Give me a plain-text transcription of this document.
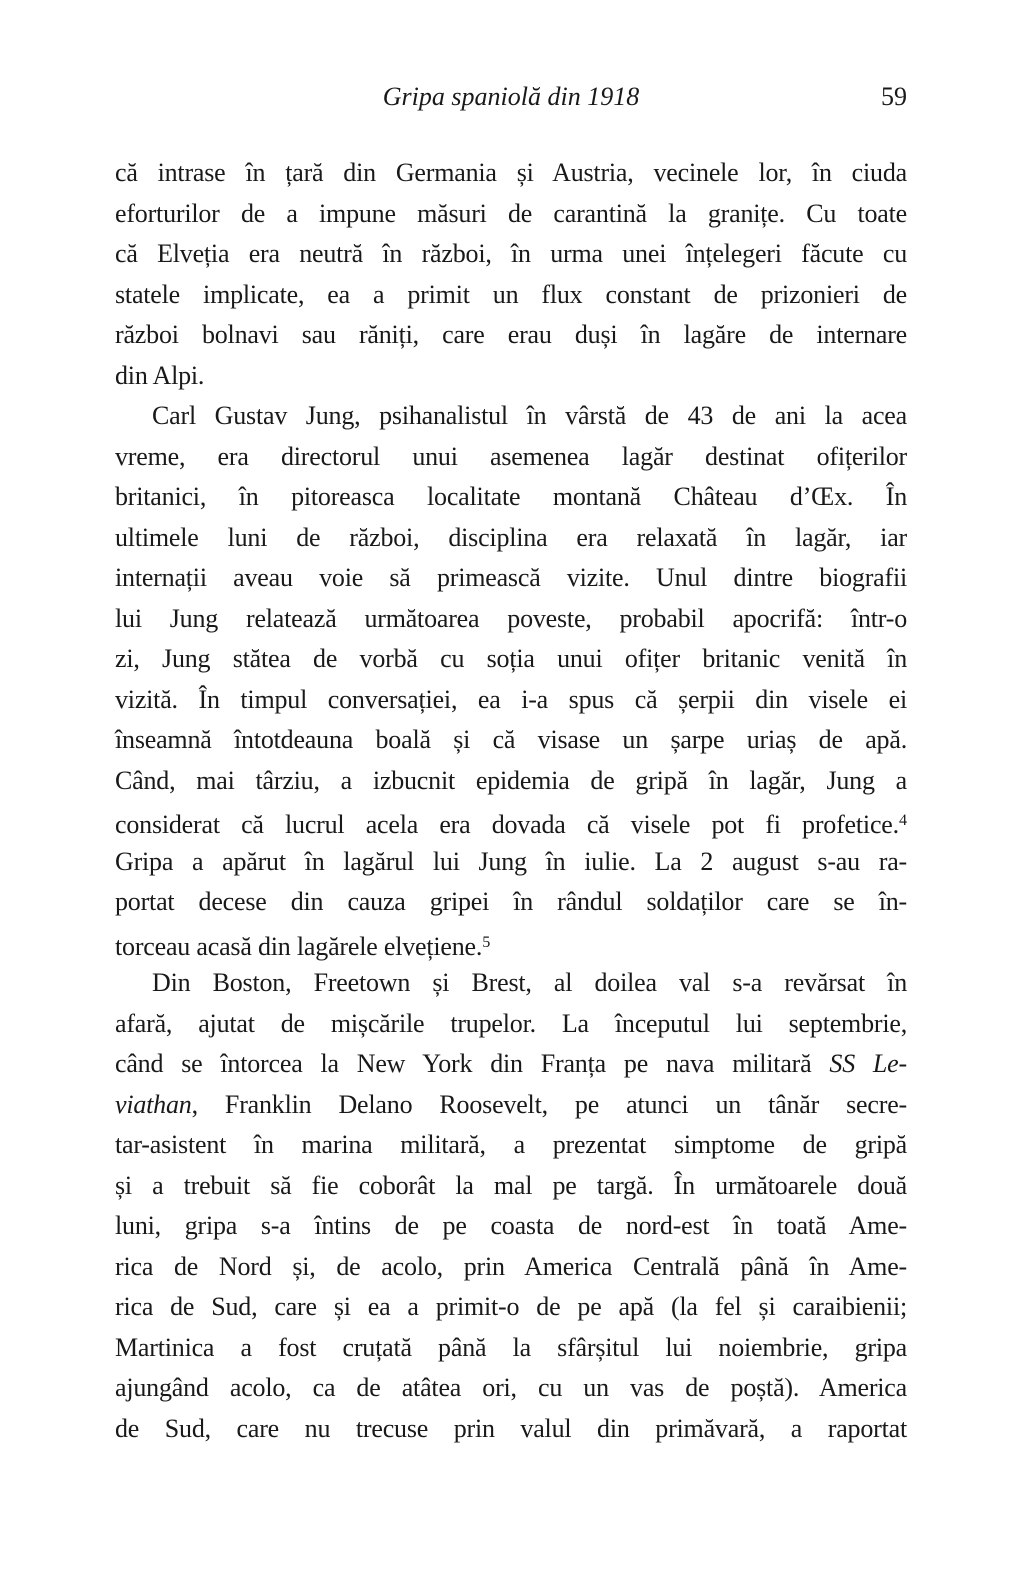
Gripa spaniolă din 1918	59
că intrase în țară din Germania și Austria, vecinele lor, în ciuda
eforturilor de a impune măsuri de carantină la granițe. Cu toate
că Elveția era neutră în război, în urma unei înțelegeri făcute cu
statele implicate, ea a primit un flux constant de prizonieri de
război bolnavi sau răniți, care erau duși în lagăre de internare
din Alpi.
Carl Gustav Jung, psihanalistul în vârstă de 43 de ani la acea
vreme, era directorul unui asemenea lagăr destinat ofițerilor
britanici, în pitoreasca localitate montană Château d’Œx. În
ultimele luni de război, disciplina era relaxată în lagăr, iar
internații aveau voie să primească vizite. Unul dintre biografii
lui Jung relatează următoarea poveste, probabil apocrifă: într-o
zi, Jung stătea de vorbă cu soția unui ofițer britanic venită în
vizită. În timpul conversației, ea i-a spus că șerpii din visele ei
înseamnă întotdeauna boală și că visase un șarpe uriaș de apă.
Când, mai târziu, a izbucnit epidemia de gripă în lagăr, Jung a
considerat că lucrul acela era dovada că visele pot fi profetice.$^4$
Gripa a apărut în lagărul lui Jung în iulie. La 2 august s-au ra-
portat decese din cauza gripei în rândul soldaților care se în-
torceau acasă din lagărele elvețiene.$^5$
Din Boston, Freetown și Brest, al doilea val s-a revărsat în
afară, ajutat de mișcările trupelor. La începutul lui septembrie,
când se întorcea la New York din Franța pe nava militară SS Le-
viathan, Franklin Delano Roosevelt, pe atunci un tânăr secre-
tar-asistent în marina militară, a prezentat simptome de gripă
și a trebuit să fie coborât la mal pe targă. În următoarele două
luni, gripa s-a întins de pe coasta de nord-est în toată Ame-
rica de Nord și, de acolo, prin America Centrală până în Ame-
rica de Sud, care și ea a primit-o de pe apă (la fel și caraibienii;
Martinica a fost cruțată până la sfârșitul lui noiembrie, gripa
ajungând acolo, ca de atâtea ori, cu un vas de poștă). America
de Sud, care nu trecuse prin valul din primăvară, a raportat
